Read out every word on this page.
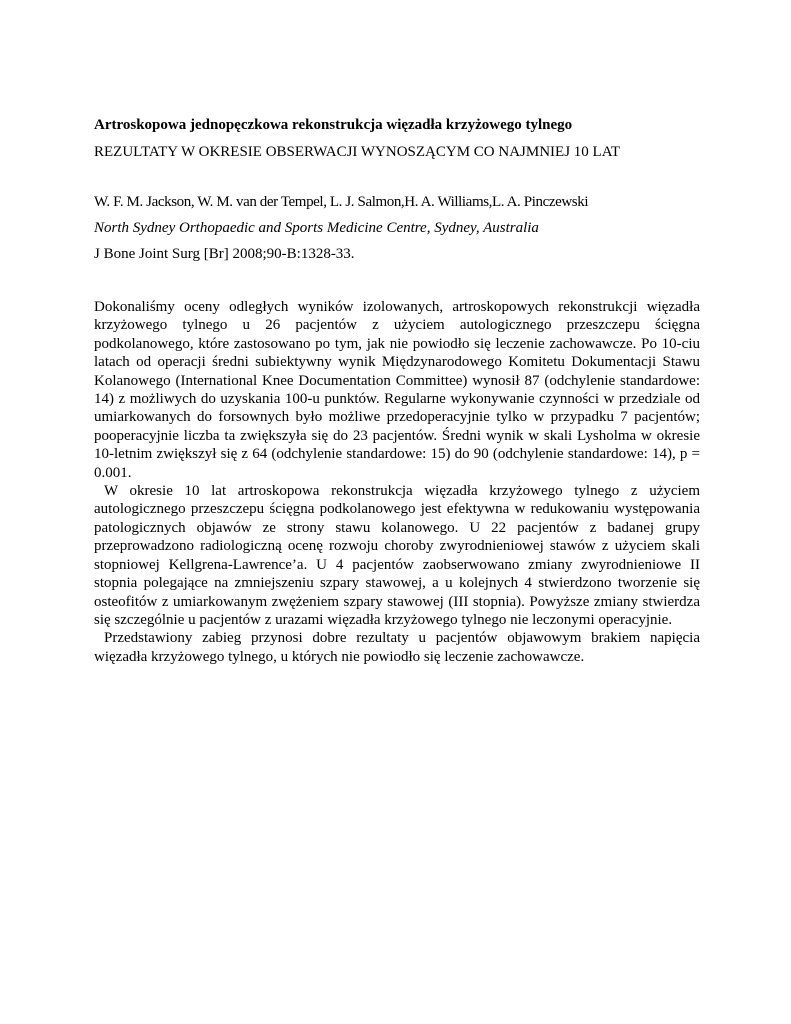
Artroskopowa jednopęczkowa rekonstrukcja więzadła krzyżowego tylnego
REZULTATY W OKRESIE OBSERWACJI WYNOSZĄCYM CO NAJMNIEJ 10 LAT
W. F. M. Jackson, W. M. van der Tempel, L. J. Salmon,H. A. Williams,L. A. Pinczewski
North Sydney Orthopaedic and Sports Medicine Centre, Sydney, Australia
J Bone Joint Surg [Br] 2008;90-B:1328-33.

Dokonaliśmy oceny odległych wyników izolowanych, artroskopowych rekonstrukcji więzadła krzyżowego tylnego u 26 pacjentów z użyciem autologicznego przeszczepu ścięgna podkolanowego, które zastosowano po tym, jak nie powiodło się leczenie zachowawcze. Po 10-ciu latach od operacji średni subiektywny wynik Międzynarodowego Komitetu Dokumentacji Stawu Kolanowego (International Knee Documentation Committee) wynosił 87 (odchylenie standardowe: 14) z możliwych do uzyskania 100-u punktów. Regularne wykonywanie czynności w przedziale od umiarkowanych do forsownych było możliwe przedoperacyjnie tylko w przypadku 7 pacjentów; pooperacyjnie liczba ta zwiększyła się do 23 pacjentów. Średni wynik w skali Lysholma w okresie 10-letnim zwiększył się z 64 (odchylenie standardowe: 15) do 90 (odchylenie standardowe: 14), p = 0.001.

W okresie 10 lat artroskopowa rekonstrukcja więzadła krzyżowego tylnego z użyciem autologicznego przeszczepu ścięgna podkolanowego jest efektywna w redukowaniu występowania patologicznych objawów ze strony stawu kolanowego. U 22 pacjentów z badanej grupy przeprowadzono radiologiczną ocenę rozwoju choroby zwyrodnieniowej stawów z użyciem skali stopniowej Kellgrena-Lawrence’a. U 4 pacjentów zaobserwowano zmiany zwyrodnieniowe II stopnia polegające na zmniejszeniu szpary stawowej, a u kolejnych 4 stwierdzono tworzenie się osteofitów z umiarkowanym zwężeniem szpary stawowej (III stopnia). Powyższe zmiany stwierdza się szczególnie u pacjentów z urazami więzadła krzyżowego tylnego nie leczonymi operacyjnie.

Przedstawiony zabieg przynosi dobre rezultaty u pacjentów objawowym brakiem napięcia więzadła krzyżowego tylnego, u których nie powiodło się leczenie zachowawcze.
